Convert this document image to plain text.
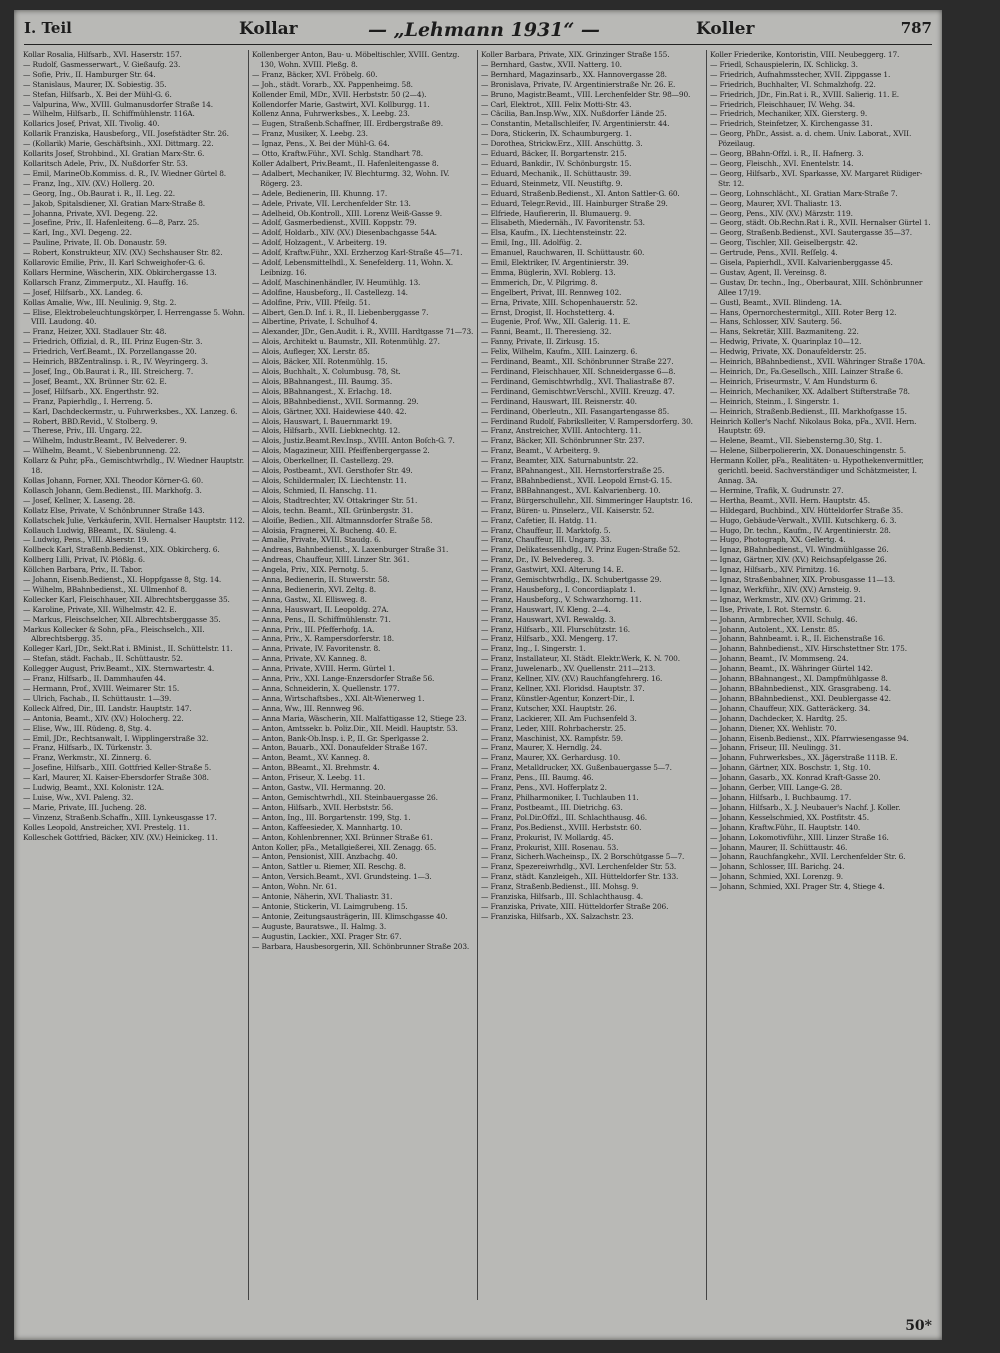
I. Teil	Kollar	— „Lehmann 1931“ —	Koller	787

Kollar Rosalia, Hilfsarb., XVI. Haserstr. 157.

— Rudolf, Gasmesserwart., V. Gießaufg. 23.

— Sofie, Priv., II. Hamburger Str. 64.

— Stanislaus, Maurer, IX. Sobiestig. 35.

— Stefan, Hilfsarb., X. Bei der Mühl-G. 6.

— Valpurina, Ww., XVIII. Gulmanusdorfer Straße 14.

— Wilhelm, Hilfsarb., II. Schiffmühlenstr. 116A.

Kollarics Josef, Privat, XII. Tivolig. 40.

Kollarik Franziska, Hausbeforg., VII. Josefstädter Str. 26.

— (Kollarik) Marie, Geschäftsinh., XXI. Dittmarg. 22.

Kollarits Josef, Strohbind., XI. Gratian Marx-Str. 6.

Kollaritsch Adele, Priv., IX. Nußdorfer Str. 53.

— Emil, MarineOb.Kommiss. d. R., IV. Wiedner Gürtel 8.

— Franz, Ing., XIV. (XV.) Hollerg. 20.

— Georg, Ing., Ob.Baurat i. R., II. Leg. 22.

— Jakob, Spitalsdiener, XI. Gratian Marx-Straße 8.

— Johanna, Private, XVI. Degeng. 22.

— Josefine, Priv., II. Hafenleiteng. 6—8, Parz. 25.

— Karl, Ing., XVI. Degeng. 22.

— Pauline, Private, II. Ob. Donaustr. 59.

— Robert, Konstrukteur, XIV. (XV.) Sechshauser Str. 82.

Kollarovic Emilie, Priv., II. Karl Schweighofer-G. 6.

Kollars Hermine, Wäscherin, XIX. Obkirchergasse 13.

Kollarsch Franz, Zimmerputz., XI. Hauffg. 16.

— Josef, Hilfsarb., XX. Landeg. 6.

Kollas Amalie, Ww., III. Neulinig. 9, Stg. 2.

— Elise, Elektrobeleuchtungskörper, I. Herrengasse 5. Wohn. VIII. Laudong. 40.

— Franz, Heizer, XXI. Stadlauer Str. 48.

— Friedrich, Offizial, d. R., III. Prinz Eugen-Str. 3.

— Friedrich, Verf.Beamt., IX. Porzellangasse 20.

— Heinrich, BBZentralinsp. i. R., IV. Weyringerg. 3.

— Josef, Ing., Ob.Baurat i. R., III. Streicherg. 7.

— Josef, Beamt., XX. Brünner Str. 62. E.

— Josef, Hilfsarb., XX. Engerthstr. 92.

— Franz, Papierhdlg., I. Herreng. 5.

— Karl, Dachdeckermstr., u. Fuhrwerksbes., XX. Lanzeg. 6.

— Robert, BBD.Revid., V. Stolberg. 9.

— Therese, Priv., III. Ungarg. 22.

— Wilhelm, Industr.Beamt., IV. Belvederег. 9.

— Wilhelm, Beamt., V. Siebenbrunneng. 22.

Kollarz & Puhr, pFa., Gemischtwrhdlg., IV. Wiedner Hauptstr. 18.

Kollas Johann, Forner, XXI. Theodor Körner-G. 60.

Kollasch Johann, Gem.Bedienst., III. Markhofg. 3.

— Josef, Kellner, X. Laseng. 28.

Kollatz Else, Private, V. Schönbrunner Straße 143.

Kollatschek Julie, Verkäuferin, XVII. Hernalser Hauptstr. 112.

Kollauch Ludwig, BBeamt., IX. Säuleng. 4.

— Ludwig, Pens., VIII. Alserstr. 19.

Kollbeck Karl, Straßenb.Bedienst., XIX. Obkircherg. 6.

Kollberg Lilli, Privat, IV. Plößlg. 6.

Köllchen Barbara, Priv., II. Tabor.

— Johann, Eisenb.Bedienst., XI. Hoppfgasse 8, Stg. 14.

— Wilhelm, BBahnbedienst., XI. Ullmenhof 8.

Kollecker Karl, Fleischhauer, XII. Albrechtsberggasse 35.

— Karoline, Private, XII. Wilhelmstr. 42. E.

— Markus, Fleischselcher, XII. Albrechtsberggasse 35.

Markus Kollecker & Sohn, pFa., Fleischselch., XII. Albrechtsbergg. 35.

Kolleger Karl, JDr., Sekt.Rat i. BMinist., II. Schüttelstr. 11.

— Stefan, städt. Fachab., II. Schüttaustr. 52.

Kollegger August, Priv.Beamt., XIX. Sternwartestr. 4.

— Franz, Hilfsarb., II. Dammhaufen 44.

— Hermann, Prof., XVIII. Weimarer Str. 15.

— Ulrich, Fachab., II. Schüttaustr. 1—39.

Kolleck Alfred, Dir., III. Landstr. Hauptstr. 147.

— Antonia, Beamt., XIV. (XV.) Holocherg. 22.

— Elise, Ww., III. Rüdeng. 8, Stg. 4.

— Emil, JDr., Rechtsanwalt, I. Wipplingerstraße 32.

— Franz, Hilfsarb., IX. Türkenstr. 3.

— Franz, Werkmstr., XI. Zinnerg. 6.

— Josefine, Hilfsarb., XIII. Gottfried Keller-Straße 5.

— Karl, Maurer, XI. Kaiser-Ebersdorfer Straße 308.

— Ludwig, Beamt., XXI. Kolonistr. 12A.

— Luise, Ww., XVI. Paleng. 32.

— Marie, Private, III. Jucheng. 28.

— Vinzenz, Straßenb.Schaffn., XIII. Lynkeusgasse 17.

Kolles Leopold, Anstreicher, XVI. Prestelg. 11.

Kolleschek Gottfried, Bäcker, XIV. (XV.) Heinickeg. 11.

Kollenberger Anton, Bau- u. Möbeltischler, XVIII. Gentzg. 130, Wohn. XVIII. Pleßg. 8.

— Franz, Bäcker, XVI. Fröbelg. 60.

— Joh., städt. Vorarb., XX. Pappenheimg. 58.

Kollender Emil, MDr., XVII. Herbststr. 50 (2—4).

Kollendorfer Marie, Gastwirt, XVI. Kollburgg. 11.

Kollenz Anna, Fuhrwerksbes., X. Leebg. 23.

— Eugen, Straßenb.Schaffner, III. Erdbergstraße 89.

— Franz, Musiker, X. Leebg. 23.

— Ignaz, Pens., X. Bei der Mühl-G. 64.

— Otto, Kraftw.Führ., XVI. Schlg. Standhart 78.

Koller Adalbert, Priv.Beamt., II. Hafenleitengasse 8.

— Adalbert, Mechaniker, IV. Blechturmg. 32, Wohn. IV. Rögerg. 23.

— Adele, Bedienerin, III. Khunng. 17.

— Adele, Private, VII. Lerchenfelder Str. 13.

— Adelheid, Ob.Kontroll., XIII. Lorenz Weiß-Gasse 9.

— Adolf, Gasmerbedienst., XVIII. Koppstr. 79.

— Adolf, Holdarb., XIV. (XV.) Diesenbachgasse 54A.

— Adolf, Holzagent., V. Arbeiterg. 19.

— Adolf, Kraftw.Führ., XXI. Erzherzog Karl-Straße 45—71.

— Adolf, Lebensmittelhdl., X. Senefelderg. 11, Wohn. X. Leibnizg. 16.

— Adolf, Maschinenhändler, IV. Heumühlg. 13.

— Adolfine, Hausbeforg., II. Castellеzg. 14.

— Adolfine, Priv., VIII. Pfeilg. 51.

— Albert, Gen.D. Inf. i. R., II. Liebenberggasse 7.

— Albertine, Private, I. Schulhof 4.

— Alexander, JDr., Gen.Audit. i. R., XVIII. Hardtgasse 71—73.

— Alois, Architekt u. Baumstr., XII. Rotenmühlg. 27.

— Alois, Aufleger, XX. Lerstr. 85.

— Alois, Bäcker, XII. Rotenmühlg. 15.

— Alois, Buchhalt., X. Columbusg. 78, St.

— Alois, BBahnangest., III. Baumg. 35.

— Alois, BBahnangest., X. Erlachg. 18.

— Alois, BBahnbedienst., XVII. Sormanng. 29.

— Alois, Gärtner, XXI. Haidewiese 440. 42.

— Alois, Hauswart, I. Bauernmarkt 19.

— Alois, Hilfsarb., XVII. Liebknechtg. 12.

— Alois, Justiz.Beamt.Rev.Insp., XVIII. Anton Boſch-G. 7.

— Alois, Magazineur, XIII. Pfeiffenbergergasse 2.

— Alois, Oberkellner, II. Castellеzg. 29.

— Alois, Postbeamt., XVI. Gersthofer Str. 49.

— Alois, Schildermaler, IX. Liechtenstr. 11.

— Alois, Schmied, II. Hanschg. 11.

— Alois, Stadtrechter, XV. Ottakringer Str. 51.

— Alois, techn. Beamt., XII. Grünbergstr. 31.

— Aloiſie, Bedien., XII. Altmannsdorfer Straße 58.

— Aloisia, Fragnerei, X. Bucheng. 40. E.

— Amalie, Private, XVIII. Staudg. 6.

— Andreas, Bahnbedienst., X. Laxenburger Straße 31.

— Andreas, Chauffeur, XIII. Linzer Str. 361.

— Angela, Priv., XIX. Pernotg. 5.

— Anna, Bedienerin, II. Stuwerstr. 58.

— Anna, Bedienerin, XVI. Zeltg. 8.

— Anna, Gastw., XI. Ellisweg. 8.

— Anna, Hauswart, II. Leopoldg. 27A.

— Anna, Pens., II. Schiffmühlenstr. 71.

— Anna, Priv., III. Pfefferhofg. 1A.

— Anna, Priv., X. Rampersdorferstr. 18.

— Anna, Private, IV. Favoritenstr. 8.

— Anna, Private, XV. Kanneg. 8.

— Anna, Private, XVIII. Herm. Gürtel 1.

— Anna, Priv., XXI. Lange-Enzersdorfer Straße 56.

— Anna, Schneiderin, X. Quellenstr. 177.

— Anna, Wirtschaftsbes., XXI. Alt-Wienerweg 1.

— Anna, Ww., III. Rennweg 96.

— Anna Maria, Wäscherin, XII. Malfattigasse 12, Stiege 23.

— Anton, Amtssekr. b. Poliz.Dir., XII. Meidl. Hauptstr. 53.

— Anton, Bank-Ob.Insp. i. P., II. Gr. Sperlgasse 2.

— Anton, Bauarb., XXI. Donaufelder Straße 167.

— Anton, Beamt., XV. Kanneg. 8.

— Anton, BBeamt., XI. Brehmstr. 4.

— Anton, Friseur, X. Leebg. 11.

— Anton, Gastw., VII. Hermanng. 20.

— Anton, Gemischtwrhdl., XII. Steinbauergasse 26.

— Anton, Hilfsarb., XVII. Herbststr. 56.

— Anton, Ing., III. Borgartenstr. 199, Stg. 1.

— Anton, Kaffeesieder, X. Mannhartg. 10.

— Anton, Kohlenbrenner, XXI. Brünner Straße 61.

Anton Koller, pFa., Metallgießerei, XII. Zenagg. 65.

— Anton, Pensionist, XIII. Anzbachg. 40.

— Anton, Sattler u. Riemer, XII. Reschg. 8.

— Anton, Versich.Beamt., XVI. Grundsteing. 1—3.

— Anton, Wohn. Nr. 61.

— Antonie, Näherin, XVI. Thaliastr. 31.

— Antonie, Stickerin, VI. Laimgrubeng. 15.

— Antonie, Zeitungsausträgerin, III. Klimschgasse 40.

— Auguste, Bauratswe., II. Halmg. 3.

— Augustin, Lackier., XXI. Prager Str. 67.

— Barbara, Hausbesorgerin, XII. Schönbrunner Straße 203.

Koller Barbara, Private, XIX. Grinzinger Straße 155.

— Bernhard, Gastw., XVII. Natterg. 10.

— Bernhard, Magazinsarb., XX. Hannovergasse 28.

— Bronislava, Private, IV. Argentinierstraße Nr. 26. E.

— Bruno, Magistr.Beamt., VIII. Lerchenfelder Str. 98—90.

— Carl, Elektrot., XIII. Felix Motti-Str. 43.

— Cäcilia, Ban.Insp.Ww., XIX. Nußdorfer Lände 25.

— Constantin, Metallschleifer, IV. Argentinierstr. 44.

— Dora, Stickerin, IX. Schaumburgerg. 1.

— Dorothea, Strickw.Erz., XIII. Anschüttg. 3.

— Eduard, Bäcker, II. Borgartenstr. 215.

— Eduard, Bankdir., IV. Schönburgstr. 15.

— Eduard, Mechanik., II. Schüttaustr. 39.

— Eduard, Steinmetz, VII. Neustiftg. 9.

— Eduard, Straßenb.Bedienst., XI. Anton Sattler-G. 60.

— Eduard, Telegr.Revid., III. Hainburger Straße 29.

— Elfriede, Haufiererin, II. Blumauerg. 9.

— Elisabeth, Miedernäh., IV. Favoritenstr. 53.

— Elsa, Kaufm., IX. Liechtensteinstr. 22.

— Emil, Ing., III. Adolfüg. 2.

— Emanuel, Rauchwaren, II. Schüttaustr. 60.

— Emil, Elektriker, IV. Argentinierstr. 39.

— Emma, Büglerin, XVI. Roblerg. 13.

— Emmerich, Dr., V. Pilgrimg. 8.

— Engelbert, Privat, III. Rennweg 102.

— Erna, Private, XIII. Schopenhauerstr. 52.

— Ernst, Drogist, II. Hochstetterg. 4.

— Eugenie, Prof. Ww., XII. Galerig. 11. E.

— Fanni, Beamt., II. Theresieng. 32.

— Fanny, Private, II. Zirkusg. 15.

— Felix, Wilhelm, Kaufm., XIII. Lainzerg. 6.

— Ferdinand, Beamt., XII. Schönbrunner Straße 227.

— Ferdinand, Fleischhauer, XII. Schneidergasse 6—8.

— Ferdinand, Gemischtwrhdlg., XVI. Thaliastraße 87.

— Ferdinand, Gemischtwr.Verschl., XVIII. Kreuzg. 47.

— Ferdinand, Hauswart, III. Reisnerstr. 40.

— Ferdinand, Oberleutn., XII. Fasangartengasse 85.

— Ferdinand Rudolf, Fabrikslleiter, V. Rampersdorferg. 30.

— Franz, Anstreicher, XVIII. Antochterg. 11.

— Franz, Bäcker, XII. Schönbrunner Str. 237.

— Franz, Beamt., V. Arbeiterg. 9.

— Franz, Beamter, XIX. Saturnabuntstr. 22.

— Franz, BPahnangest., XII. Hernstorferstraße 25.

— Franz, BBahnbedienst., XVII. Leopold Ernst-G. 15.

— Franz, BBBahnangest., XVI. Kalvarienberg. 10.

— Franz, Bürgerschullehr., XII. Simmeringer Hauptstr. 16.

— Franz, Büren- u. Pinselerz., VII. Kaiserstr. 52.

— Franz, Cafetier, II. Hatdg. 11.

— Franz, Chauffeur, II. Marktofg. 5.

— Franz, Chauffeur, III. Ungarg. 33.

— Franz, Delikatessenhdlg., IV. Prinz Eugen-Straße 52.

— Franz, Dr., IV. Belvedereg. 3.

— Franz, Gastwirt, XXI. Alterung 14. E.

— Franz, Gemischtwrhdlg., IX. Schubertgasse 29.

— Franz, Hausbeforg., I. Concordiaplatz 1.

— Franz, Hausbeforg., V. Schwarzhorng. 11.

— Franz, Hauswart, IV. Kleng. 2—4.

— Franz, Hauswart, XVI. Rewaldg. 3.

— Franz, Hilfsarb., XII. Flurschützstr. 16.

— Franz, Hilfsarb., XXI. Mengerg. 17.

— Franz, Ing., I. Singerstr. 1.

— Franz, Installateur, XI. Städt. Elektr.Werk, K. N. 700.

— Franz, Juwelenarb., XV. Quellenstr. 211—213.

— Franz, Kellner, XIV. (XV.) Rauchfangfehrerg. 16.

— Franz, Kellner, XXI. Floridsd. Hauptstr. 37.

— Franz, Künstler-Agentur, Konzert-Dir., I.

— Franz, Kutscher, XXI. Hauptstr. 26.

— Franz, Lackierer, XII. Am Fuchsenfeld 3.

— Franz, Leder, XIII. Rohrbacherstr. 25.

— Franz, Maschinist, XX. Rampfstr. 59.

— Franz, Maurer, X. Herndlg. 24.

— Franz, Maurer, XX. Gerhardusg. 10.

— Franz, Metalldrucker, XX. Gußenbauergasse 5—7.

— Franz, Pens., III. Baumg. 46.

— Franz, Pens., XVI. Hofferplatz 2.

— Franz, Philharmoniker, I. Tuchlauben 11.

— Franz, Postbeamt., III. Dietrichg. 63.

— Franz, Pol.Dir.Offzl., III. Schlachthausg. 46.

— Franz, Pos.Bedienst., XVIII. Herbststr. 60.

— Franz, Prokurist, IV. Mollardg. 45.

— Franz, Prokurist, XIII. Rosenau. 53.

— Franz, Sicherh.Wacheinsp., IX. 2 Borschütgasse 5—7.

— Franz, Spezereiwrhdlg., XVI. Lerchenfelder Str. 53.

— Franz, städt. Kanzleigeh., XII. Hütteldorfer Str. 133.

— Franz, Straßenb.Bedienst., III. Mohsg. 9.

— Franziska, Hilfsarb., III. Schlachthausg. 4.

— Franziska, Private, XIII. Hütteldorfer Straße 206.

— Franziska, Hilfsarb., XX. Salzachstr. 23.

Koller Friederike, Kontoristin, VIII. Neubeggerg. 17.

— Friedl, Schauspielerin, IX. Schlickg. 3.

— Friedrich, Aufnahmsstecher, XVII. Zippgasse 1.

— Friedrich, Buchhalter, VI. Schmalzhofg. 22.

— Friedrich, JDr., Fin.Rat i. R., XVIII. Salierig. 11. E.

— Friedrich, Fleischhauer, IV. Wehg. 34.

— Friedrich, Mechaniker, XIX. Giersterg. 9.

— Friedrich, Steinfetzer, X. Kirchengasse 31.

— Georg, PhDr., Assist. a. d. chem. Univ. Laborat., XVII. Pözeilaug.

— Georg, BBahn-Offzl. i. R., II. Hafnerg. 3.

— Georg, Fleischh., XVI. Enentelstr. 14.

— Georg, Hilfsarb., XVI. Sparkasse, XV. Margaret Rüdiger-Str. 12.

— Georg, Lohnschlächt., XI. Gratian Marx-Straße 7.

— Georg, Maurer, XVI. Thaliastr. 13.

— Georg, Pens., XIV. (XV.) Märzstr. 119.

— Georg, städt. Ob.Rechn.Rat i. R., XVII. Hernalser Gürtel 1.

— Georg, Straßenb.Bedienst., XVI. Sautergasse 35—37.

— Georg, Tischler, XII. Geiselbergstr. 42.

— Gertrude, Pens., XVII. Reſſelg. 4.

— Gisela, Papierhdl., XVII. Kalvarienberggasse 45.

— Gustav, Agent, II. Vereinsg. 8.

— Gustav, Dr. techn., Ing., Oberbaurat, XIII. Schönbrunner Allee 17/19.

— Gustl, Beamt., XVII. Blindeng. 1A.

— Hans, Opernorchestermitgl., XIII. Roter Berg 12.

— Hans, Schlosser, XIV. Sauterg. 56.

— Hans, Sekretär, XIII. Bazmaniteng. 22.

— Hedwig, Private, X. Quarinplaz 10—12.

— Hedwig, Private, XX. Donaufelderstr. 25.

— Heinrich, BBahnbedienst., XVII. Währinger Straße 170A.

— Heinrich, Dr., Fa.Gesellsch., XIII. Lainzer Straße 6.

— Heinrich, Friseurmstr., V. Am Hundsturm 6.

— Heinrich, Mechaniker, XX. Adalbert Stifterstraße 78.

— Heinrich, Steinm., I. Singerstr. 1.

— Heinrich, Straßenb.Bedienst., III. Markhofgasse 15.

Heinrich Koller's Nachf. Nikolaus Boka, pFa., XVII. Hern. Hauptstr. 69.

— Helene, Beamt., VII. Siebensterng.30, Stg. 1.

— Helene, Silberpoliererin, XX. Donaueschingenstr. 5.

Hermann Koller, pFa., Realitäten- u. Hypothekenvermittler, gerichtl. beeid. Sachverständiger und Schätzmeister, I. Annag. 3A.

— Hermine, Trafik, X. Gudrunstr. 27.

— Hertha, Beamt., XVII. Hern. Hauptstr. 45.

— Hildegard, Buchbind., XIV. Hütteldorfer Straße 35.

— Hugo, Gebäude-Verwalt., XVIII. Kutschkerg. 6. 3.

— Hugo, Dr. techn., Kaufm., IV. Argentinierstr. 28.

— Hugo, Photograph, XX. Gellertg. 4.

— Ignaz, BBahnbedienst., VI. Windmühlgasse 26.

— Ignaz, Gärtner, XIV. (XV.) Reichsapfelgasse 26.

— Ignaz, Hilfsarb., XIV. Pirnitzg. 16.

— Ignaz, Straßenbahner, XIX. Probusgasse 11—13.

— Ignaz, Werkführ., XIV. (XV.) Arnsteig. 9.

— Ignaz, Werkmstr., XIV. (XV.) Grimmg. 21.

— Ilse, Private, I. Rot. Sternstr. 6.

— Johann, Armbrecher, XVII. Schulg. 46.

— Johann, Autolent., XX. Lenstr. 85.

— Johann, Bahnbeamt. i. R., II. Eichenstraße 16.

— Johann, Bahnbedienst., XIV. Hirschstettner Str. 175.

— Johann, Beamt., IV. Mommseng. 24.

— Johann, Beamt., IX. Währinger Gürtel 142.

— Johann, BBahnangest., XI. Dampfmühlgasse 8.

— Johann, BBahnbedienst., XIX. Grasgrabeng. 14.

— Johann, BBahnbedienst., XXI. Deublergasse 42.

— Johann, Chauffeur, XIX. Gatteräckerg. 34.

— Johann, Dachdecker, X. Hardtg. 25.

— Johann, Diener, XX. Wehlistr. 70.

— Johann, Eisenb.Bedienst., XIX. Pfarrwiesengasse 94.

— Johann, Friseur, III. Neulingg. 31.

— Johann, Fuhrwerksbes., XX. Jägerstraße 111B. E.

— Johann, Gärtner, XIX. Boschstr. 1, Stg. 10.

— Johann, Gasarb., XX. Konrad Kraft-Gasse 20.

— Johann, Gerber, VIII. Lange-G. 28.

— Johann, Hilfsarb., I. Buchbaumg. 17.

— Johann, Hilfsarb., X. J. Neubauer's Nachf. J. Koller.

— Johann, Kesselschmied, XX. Postfitstr. 45.

— Johann, Kraftw.Führ., II. Hauptstr. 140.

— Johann, Lokomotivführ., XIII. Linzer Straße 16.

— Johann, Maurer, II. Schüttaustr. 46.

— Johann, Rauchfangkehr., XVII. Lerchenfelder Str. 6.

— Johann, Schlosser, III. Barichg. 24.

— Johann, Schmied, XXI. Lorenzg. 9.

— Johann, Schmied, XXI. Prager Str. 4, Stiege 4.

50*
